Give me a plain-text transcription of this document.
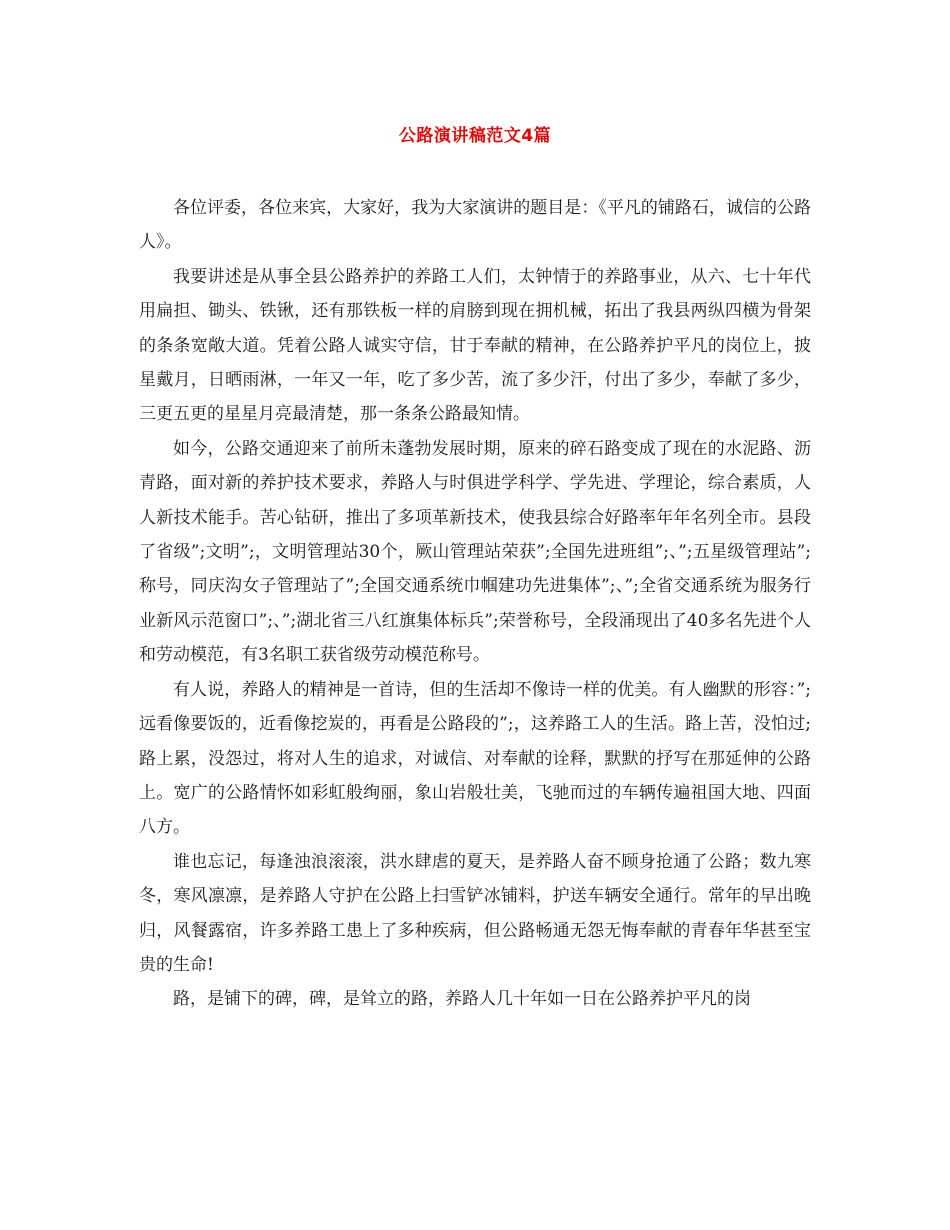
公路演讲稿范文4篇

各位评委，各位来宾，大家好，我为大家演讲的题目是：《平凡的铺路石，诚信的公路人》。

我要讲述是从事全县公路养护的养路工人们，太钟情于的养路事业，从六、七十年代用扁担、锄头、铁锹，还有那铁板一样的肩膀到现在拥机械，拓出了我县两纵四横为骨架的条条宽敞大道。凭着公路人诚实守信，甘于奉献的精神，在公路养护平凡的岗位上，披星戴月，日晒雨淋，一年又一年，吃了多少苦，流了多少汗，付出了多少，奉献了多少，三更五更的星星月亮最清楚，那一条条公路最知情。

如今，公路交通迎来了前所未蓬勃发展时期，原来的碎石路变成了现在的水泥路、沥青路，面对新的养护技术要求，养路人与时俱进学科学、学先进、学理论，综合素质，人人新技术能手。苦心钻研，推出了多项革新技术，使我县综合好路率年年名列全市。县段了省级”;文明”;，文明管理站30个，厥山管理站荣获”;全国先进班组”;、”;五星级管理站”;称号，同庆沟女子管理站了”;全国交通系统巾帼建功先进集体”;、”;全省交通系统为服务行业新风示范窗口”;、”;湖北省三八红旗集体标兵”;荣誉称号，全段涌现出了40多名先进个人和劳动模范，有3名职工获省级劳动模范称号。

有人说，养路人的精神是一首诗，但的生活却不像诗一样的优美。有人幽默的形容：”;远看像要饭的，近看像挖炭的，再看是公路段的”;，这养路工人的生活。路上苦，没怕过;路上累，没怨过，将对人生的追求，对诚信、对奉献的诠释，默默的抒写在那延伸的公路上。宽广的公路情怀如彩虹般绚丽，象山岩般壮美，飞驰而过的车辆传遍祖国大地、四面八方。

谁也忘记，每逢浊浪滚滚，洪水肆虐的夏天，是养路人奋不顾身抢通了公路；数九寒冬，寒风凛凛，是养路人守护在公路上扫雪铲冰铺料，护送车辆安全通行。常年的早出晚归，风餐露宿，许多养路工患上了多种疾病，但公路畅通无怨无悔奉献的青春年华甚至宝贵的生命!

路，是铺下的碑，碑，是耸立的路，养路人几十年如一日在公路养护平凡的岗
